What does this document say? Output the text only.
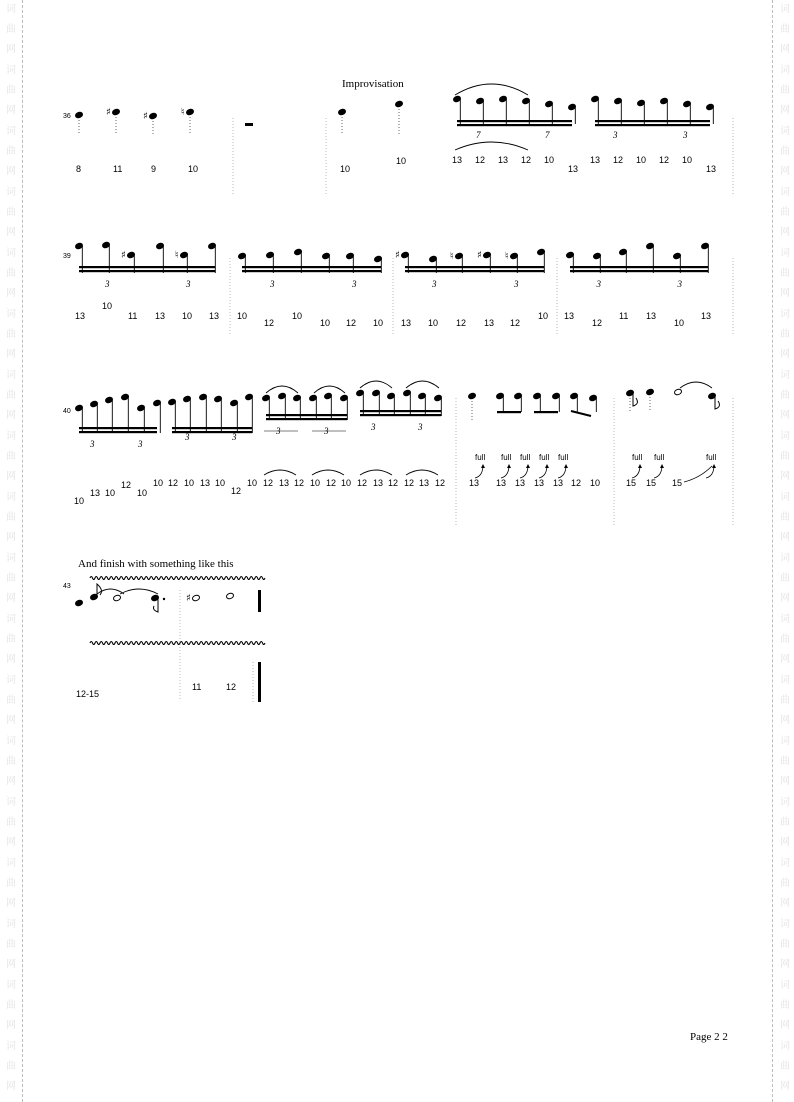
词
曲
网
词
曲
网
词
曲
网
词
曲
网
词
曲
网
词
曲
网
词
曲
网
词
曲
网
词
曲
网
词
曲
网
词
曲
网
词
曲
网
词
曲
网
词
曲
网
词
曲
网
词
曲
网
词
曲
网
词
曲
网
词
曲
网
词
曲
网
词
曲
网
词
曲
网
词
曲
网
词
曲
网
词
曲
网
词
曲
网
词
曲
网
词
曲
网
词
曲
网
词
曲
网
词
曲
网
词
曲
网
词
曲
网
词
曲
网
词
曲
网
词
曲
网
Improvisation
And finish with something like this
Page 2 2
36	♯	♯	♮
7	7	3	3
8	11	9	10	10
10	13 12 13 12 10
13
13 12 10 12 10
13
39	♯	♮
3	3	3	3
♯	♮ ♯ ♮
3	3	3	3
13
10
11 13 10 13 10
12
10
10 12 10 13 10 12 13 12
10 13
12
11 13
10
13
40
3	3
3	3
3	3	3	3
10
13 10
12
10
10 12 10 13 10
12
10 12 13 12 10 12 10 12 13 12 12 13 12	13 13 13 13 13 12 10	15 15 15
full full full full full	full full	full
43
♯
12-15
11	12
